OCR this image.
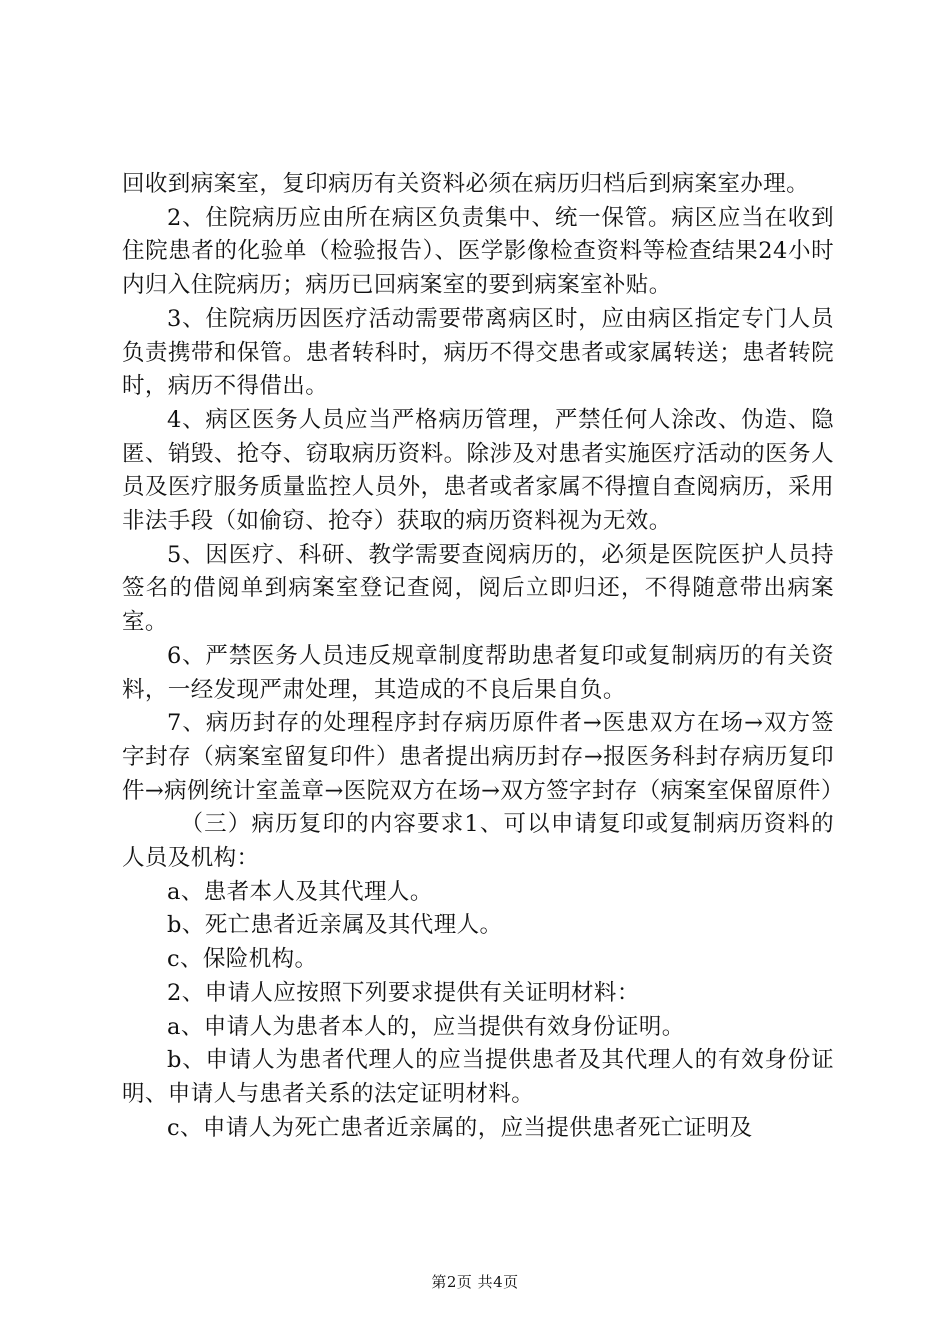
回收到病案室，复印病历有关资料必须在病历归档后到病案室办理。

2、住院病历应由所在病区负责集中、统一保管。病区应当在收到住院患者的化验单（检验报告）、医学影像检查资料等检查结果24小时内归入住院病历；病历已回病案室的要到病案室补贴。

3、住院病历因医疗活动需要带离病区时，应由病区指定专门人员负责携带和保管。患者转科时，病历不得交患者或家属转送；患者转院时，病历不得借出。

4、病区医务人员应当严格病历管理，严禁任何人涂改、伪造、隐匿、销毁、抢夺、窃取病历资料。除涉及对患者实施医疗活动的医务人员及医疗服务质量监控人员外，患者或者家属不得擅自查阅病历，采用非法手段（如偷窃、抢夺）获取的病历资料视为无效。

5、因医疗、科研、教学需要查阅病历的，必须是医院医护人员持签名的借阅单到病案室登记查阅，阅后立即归还，不得随意带出病案室。

6、严禁医务人员违反规章制度帮助患者复印或复制病历的有关资料，一经发现严肃处理，其造成的不良后果自负。

7、病历封存的处理程序封存病历原件者→医患双方在场→双方签字封存（病案室留复印件）患者提出病历封存→报医务科封存病历复印件→病例统计室盖章→医院双方在场→双方签字封存（病案室保留原件）

（三）病历复印的内容要求1、可以申请复印或复制病历资料的人员及机构：

a、患者本人及其代理人。

b、死亡患者近亲属及其代理人。

c、保险机构。

2、申请人应按照下列要求提供有关证明材料：

a、申请人为患者本人的，应当提供有效身份证明。

b、申请人为患者代理人的应当提供患者及其代理人的有效身份证明、申请人与患者关系的法定证明材料。

c、申请人为死亡患者近亲属的，应当提供患者死亡证明及

第2页 共4页
